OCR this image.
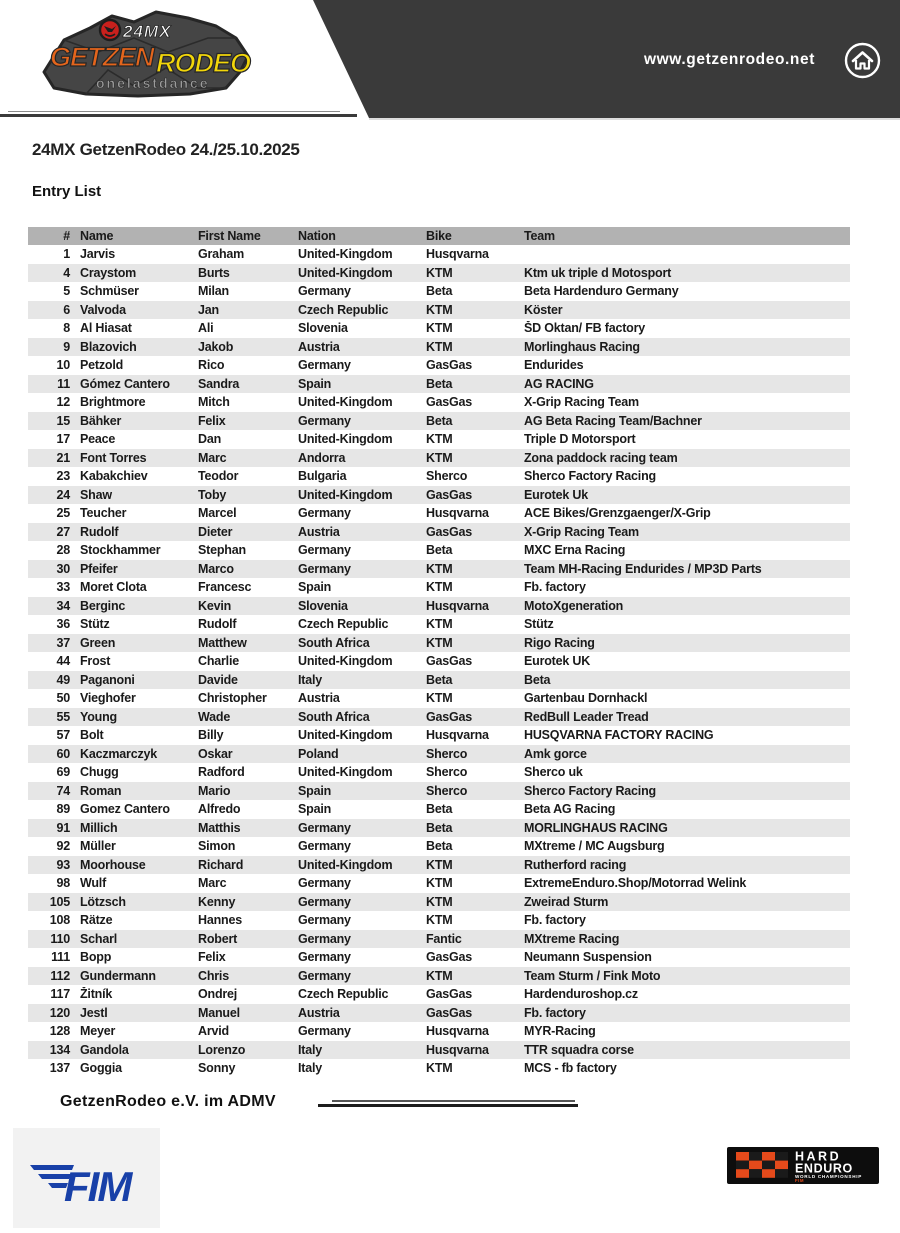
www.getzenrodeo.net
24MX
GETZEN RODEO
onelastdance
24MX GetzenRodeo 24./25.10.2025
Entry List
# Name	First Name	Nation	Bike	Team
1 Jarvis	Graham	United-Kingdom	Husqvarna
4 Craystom	Burts	United-Kingdom	KTM	Ktm uk triple d Motosport
5 Schmüser	Milan	Germany	Beta	Beta Hardenduro Germany
6 Valvoda	Jan	Czech Republic	KTM	Köster
8 Al Hiasat	Ali	Slovenia	KTM	ŠD Oktan/ FB factory
9 Blazovich	Jakob	Austria	KTM	Morlinghaus Racing
10 Petzold	Rico	Germany	GasGas	Endurides
11 Gómez Cantero	Sandra	Spain	Beta	AG RACING
12 Brightmore	Mitch	United-Kingdom	GasGas	X-Grip Racing Team
15 Bähker	Felix	Germany	Beta	AG Beta Racing Team/Bachner
17 Peace	Dan	United-Kingdom	KTM	Triple D Motorsport
21 Font Torres	Marc	Andorra	KTM	Zona paddock racing team
23 Kabakchiev	Teodor	Bulgaria	Sherco	Sherco Factory Racing
24 Shaw	Toby	United-Kingdom	GasGas	Eurotek Uk
25 Teucher	Marcel	Germany	Husqvarna	ACE Bikes/Grenzgaenger/X-Grip
27 Rudolf	Dieter	Austria	GasGas	X-Grip Racing Team
28 Stockhammer	Stephan	Germany	Beta	MXC Erna Racing
30 Pfeifer	Marco	Germany	KTM	Team MH-Racing Endurides / MP3D Parts
33 Moret Clota	Francesc	Spain	KTM	Fb. factory
34 Berginc	Kevin	Slovenia	Husqvarna	MotoXgeneration
36 Stütz	Rudolf	Czech Republic	KTM	Stütz
37 Green	Matthew	South Africa	KTM	Rigo Racing
44 Frost	Charlie	United-Kingdom	GasGas	Eurotek UK
49 Paganoni	Davide	Italy	Beta	Beta
50 Vieghofer	Christopher	Austria	KTM	Gartenbau Dornhackl
55 Young	Wade	South Africa	GasGas	RedBull Leader Tread
57 Bolt	Billy	United-Kingdom	Husqvarna	HUSQVARNA FACTORY RACING
60 Kaczmarczyk	Oskar	Poland	Sherco	Amk gorce
69 Chugg	Radford	United-Kingdom	Sherco	Sherco uk
74 Roman	Mario	Spain	Sherco	Sherco Factory Racing
89 Gomez Cantero	Alfredo	Spain	Beta	Beta AG Racing
91 Millich	Matthis	Germany	Beta	MORLINGHAUS RACING
92 Müller	Simon	Germany	Beta	MXtreme / MC Augsburg
93 Moorhouse	Richard	United-Kingdom	KTM	Rutherford racing
98 Wulf	Marc	Germany	KTM	ExtremeEnduro.Shop/Motorrad Welink
105 Lötzsch	Kenny	Germany	KTM	Zweirad Sturm
108 Rätze	Hannes	Germany	KTM	Fb. factory
110 Scharl	Robert	Germany	Fantic	MXtreme Racing
111 Bopp	Felix	Germany	GasGas	Neumann Suspension
112 Gundermann	Chris	Germany	KTM	Team Sturm / Fink Moto
117 Žitník	Ondrej	Czech Republic	GasGas	Hardenduroshop.cz
120 Jestl	Manuel	Austria	GasGas	Fb. factory
128 Meyer	Arvid	Germany	Husqvarna	MYR-Racing
134 Gandola	Lorenzo	Italy	Husqvarna	TTR squadra corse
137 Goggia	Sonny	Italy	KTM	MCS - fb factory
GetzenRodeo e.V. im ADMV
FIM
HARD
ENDURO
WORLD CHAMPIONSHIP
FIM
